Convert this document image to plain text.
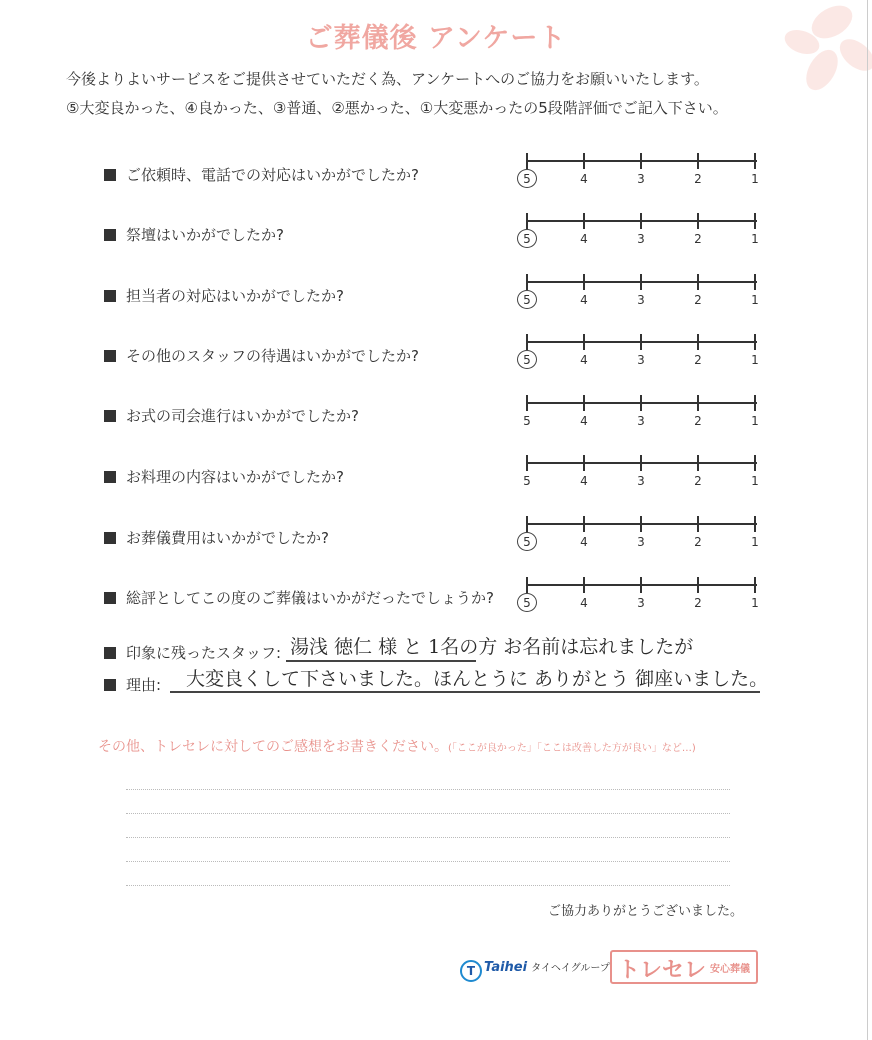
ご葬儀後 アンケート
今後よりよいサービスをご提供させていただく為、アンケートへのご協力をお願いいたします。
⑤大変良かった、④良かった、③普通、②悪かった、①大変悪かったの5段階評価でご記入下さい。
ご依頼時、電話での対応はいかがでしたか?	5	4	3	2	1
祭壇はいかがでしたか?	5	4	3	2	1
担当者の対応はいかがでしたか?	5	4	3	2	1
その他のスタッフの待遇はいかがでしたか?	5	4	3	2	1
お式の司会進行はいかがでしたか?	5	4	3	2	1
お料理の内容はいかがでしたか?	5	4	3	2	1
お葬儀費用はいかがでしたか?	5	4	3	2	1
総評としてこの度のご葬儀はいかがだったでしょうか?	5	4	3	2	1
印象に残ったスタッフ: 湯浅 徳仁 様 と 1名の方 お名前は忘れましたが
理由: 大変良くして下さいました。ほんとうに ありがとう 御座いました。
その他、トレセレに対してのご感想をお書きください。(「ここが良かった」「ここは改善した方が良い」など…)
ご協力ありがとうございました。
T Taihei タイヘイグループ トレセレ 安心葬儀
